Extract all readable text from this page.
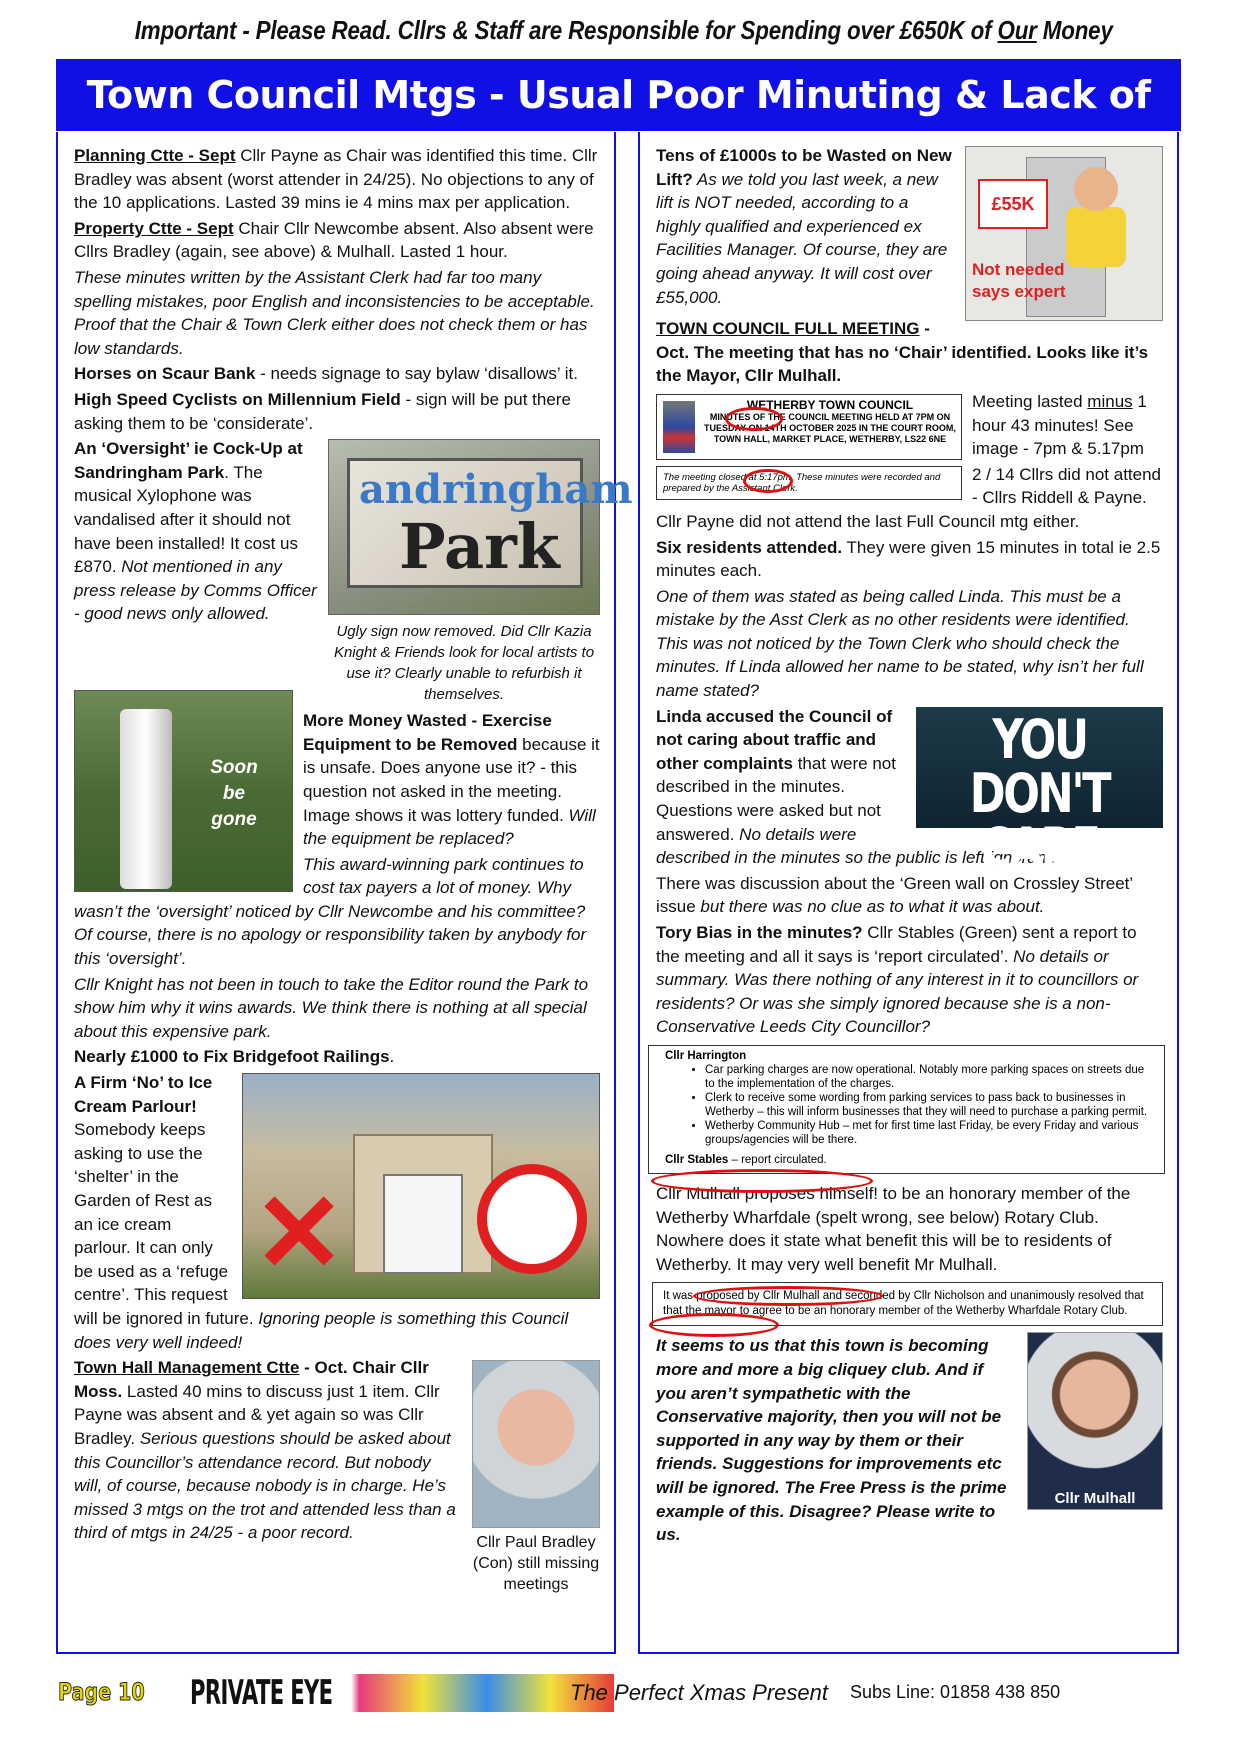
Important - Please Read. Cllrs & Staff are Responsible for Spending over £650K of Our Money
Town Council Mtgs - Usual Poor Minuting & Lack of Info

Planning Ctte - Sept Cllr Payne as Chair was identified this time. Cllr Bradley was absent (worst attender in 24/25). No objections to any of the 10 applications. Lasted 39 mins ie 4 mins max per application.

Property Ctte - Sept Chair Cllr Newcombe absent. Also absent were Cllrs Bradley (again, see above) & Mulhall. Lasted 1 hour.

These minutes written by the Assistant Clerk had far too many spelling mistakes, poor English and inconsistencies to be acceptable. Proof that the Chair & Town Clerk either does not check them or has low standards.

Horses on Scaur Bank - needs signage to say bylaw ‘disallows’ it.

High Speed Cyclists on Millennium Field - sign will be put there asking them to be ‘considerate’.

andringham
Park
Ugly sign now removed. Did Cllr Kazia Knight & Friends look for local artists to use it? Clearly unable to refurbish it themselves.

An ‘Oversight’ ie Cock-Up at Sandringham Park. The musical Xylophone was vandalised after it should not have been installed! It cost us £870. Not mentioned in any press release by Comms Officer - good news only allowed.

Soon
be
gone

More Money Wasted - Exercise Equipment to be Removed because it is unsafe. Does anyone use it? - this question not asked in the meeting. Image shows it was lottery funded. Will the equipment be replaced?

This award-winning park continues to cost tax payers a lot of money. Why wasn’t the ‘oversight’ noticed by Cllr Newcombe and his committee? Of course, there is no apology or responsibility taken by anybody for this ‘oversight’.

Cllr Knight has not been in touch to take the Editor round the Park to show him why it wins awards. We think there is nothing at all special about this expensive park.

Nearly £1000 to Fix Bridgefoot Railings.

✕

A Firm ‘No’ to Ice Cream Parlour! Somebody keeps asking to use the ‘shelter’ in the Garden of Rest as an ice cream parlour. It can only be used as a ‘refuge centre’. This request will be ignored in future. Ignoring people is something this Council does very well indeed!

Cllr Paul Bradley (Con) still missing meetings

Town Hall Management Ctte - Oct. Chair Cllr Moss. Lasted 40 mins to discuss just 1 item. Cllr Payne was absent and & yet again so was Cllr Bradley. Serious questions should be asked about this Councillor’s attendance record. But nobody will, of course, because nobody is in charge. He’s missed 3 mtgs on the trot and attended less than a third of mtgs in 24/25 - a poor record.

£55K
Not needed says expert

Tens of £1000s to be Wasted on New Lift? As we told you last week, a new lift is NOT needed, according to a highly qualified and experienced ex Facilities Manager. Of course, they are going ahead anyway. It will cost over £55,000.

TOWN COUNCIL FULL MEETING - Oct. The meeting that has no ‘Chair’ identified. Looks like it’s the Mayor, Cllr Mulhall.

WETHERBY TOWN COUNCIL
MINUTES OF THE COUNCIL MEETING HELD AT 7PM ON TUESDAY ON 14TH OCTOBER 2025 IN THE COURT ROOM, TOWN HALL, MARKET PLACE, WETHERBY, LS22 6NE
The meeting closed at 5:17pm. These minutes were recorded and prepared by the Assistant Clerk.

Meeting lasted minus 1 hour 43 minutes! See image - 7pm & 5.17pm

2 / 14 Cllrs did not attend - Cllrs Riddell & Payne. Cllr Payne did not attend the last Full Council mtg either.

Six residents attended. They were given 15 minutes in total ie 2.5 minutes each.

One of them was stated as being called Linda. This must be a mistake by the Asst Clerk as no other residents were identified. This was not noticed by the Town Clerk who should check the minutes. If Linda allowed her name to be stated, why isn’t her full name stated?

YOU DON'T
CARE

Linda accused the Council of not caring about traffic and other complaints that were not described in the minutes. Questions were asked but not answered. No details were described in the minutes so the public is left ignorant.

There was discussion about the ‘Green wall on Crossley Street’ issue but there was no clue as to what it was about.

Tory Bias in the minutes? Cllr Stables (Green) sent a report to the meeting and all it says is ‘report circulated’. No details or summary. Was there nothing of any interest in it to councillors or residents? Or was she simply ignored because she is a non-Conservative Leeds City Councillor?

Cllr Harrington
• Car parking charges are now operational. Notably more parking spaces on streets due to the implementation of the charges.
• Clerk to receive some wording from parking services to pass back to businesses in Wetherby – this will inform businesses that they will need to purchase a parking permit.
• Wetherby Community Hub – met for first time last Friday, be every Friday and various groups/agencies will be there.
Cllr Stables – report circulated.

Cllr Mulhall proposes himself! to be an honorary member of the Wetherby Wharfdale (spelt wrong, see below) Rotary Club. Nowhere does it state what benefit this will be to residents of Wetherby. It may very well benefit Mr Mulhall.

It was proposed by Cllr Mulhall and seconded by Cllr Nicholson and unanimously resolved that that the mayor to agree to be an honorary member of the Wetherby Wharfdale Rotary Club.
Cllr Mulhall

It seems to us that this town is becoming more and more a big cliquey club. And if you aren’t sympathetic with the Conservative majority, then you will not be supported in any way by them or their friends. Suggestions for improvements etc will be ignored. The Free Press is the prime example of this. Disagree? Please write to us.

Page 10 PRIVATE EYE	The Perfect Xmas Present Subs Line: 01858 438 850
